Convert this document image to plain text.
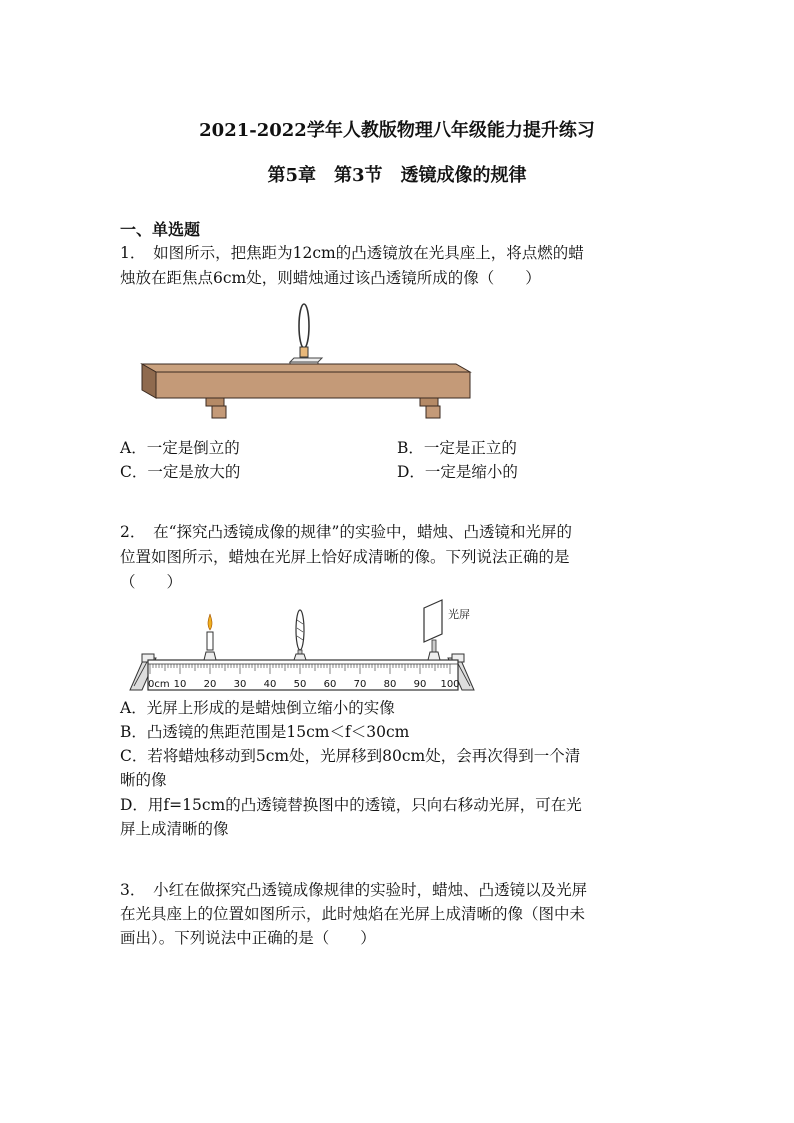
2021-2022学年人教版物理八年级能力提升练习
第5章　第3节　透镜成像的规律
一、单选题
1．　如图所示，把焦距为12cm的凸透镜放在光具座上，将点燃的蜡
烛放在距焦点6cm处，则蜡烛通过该凸透镜所成的像（　　）
A．一定是倒立的	B．一定是正立的
C．一定是放大的	D．一定是缩小的
2．　在“探究凸透镜成像的规律”的实验中，蜡烛、凸透镜和光屏的
位置如图所示，蜡烛在光屏上恰好成清晰的像。下列说法正确的是
（　　）
0cm 10 20 30 40 50 60 70 80 90 100
光屏
A．光屏上形成的是蜡烛倒立缩小的实像
B．凸透镜的焦距范围是15cm＜f＜30cm
C．若将蜡烛移动到5cm处，光屏移到80cm处，会再次得到一个清
晰的像
D．用f=15cm的凸透镜替换图中的透镜，只向右移动光屏，可在光
屏上成清晰的像
3．　小红在做探究凸透镜成像规律的实验时，蜡烛、凸透镜以及光屏
在光具座上的位置如图所示，此时烛焰在光屏上成清晰的像（图中未
画出）。下列说法中正确的是（　　）
